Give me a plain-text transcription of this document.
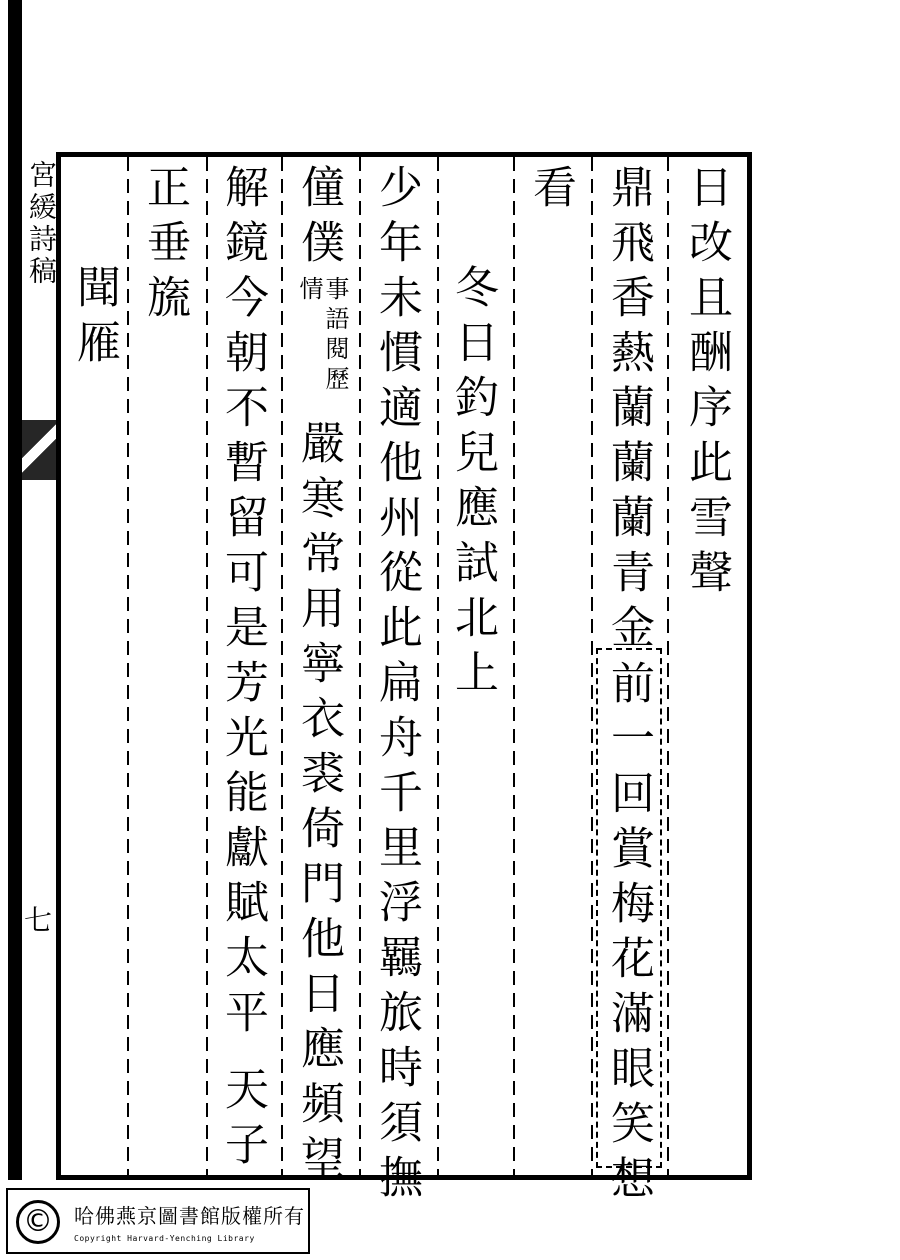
宮緩詩稿
七
日改且酬序此雪聲
鼎飛香爇蘭蘭蘭青金
前一回賞梅花滿眼笑想
看
冬日釣兒應試北上
少年未慣適他州從此扁舟千里浮羈旅時須撫
僮僕
事語閱歷情
嚴寒常用寧衣裘倚門他日應頻望
解鏡今朝不暫留可是芳光能獻賦太平
天子
正垂旒
聞雁
©	哈佛燕京圖書館版權所有
Copyright Harvard-Yenching Library
